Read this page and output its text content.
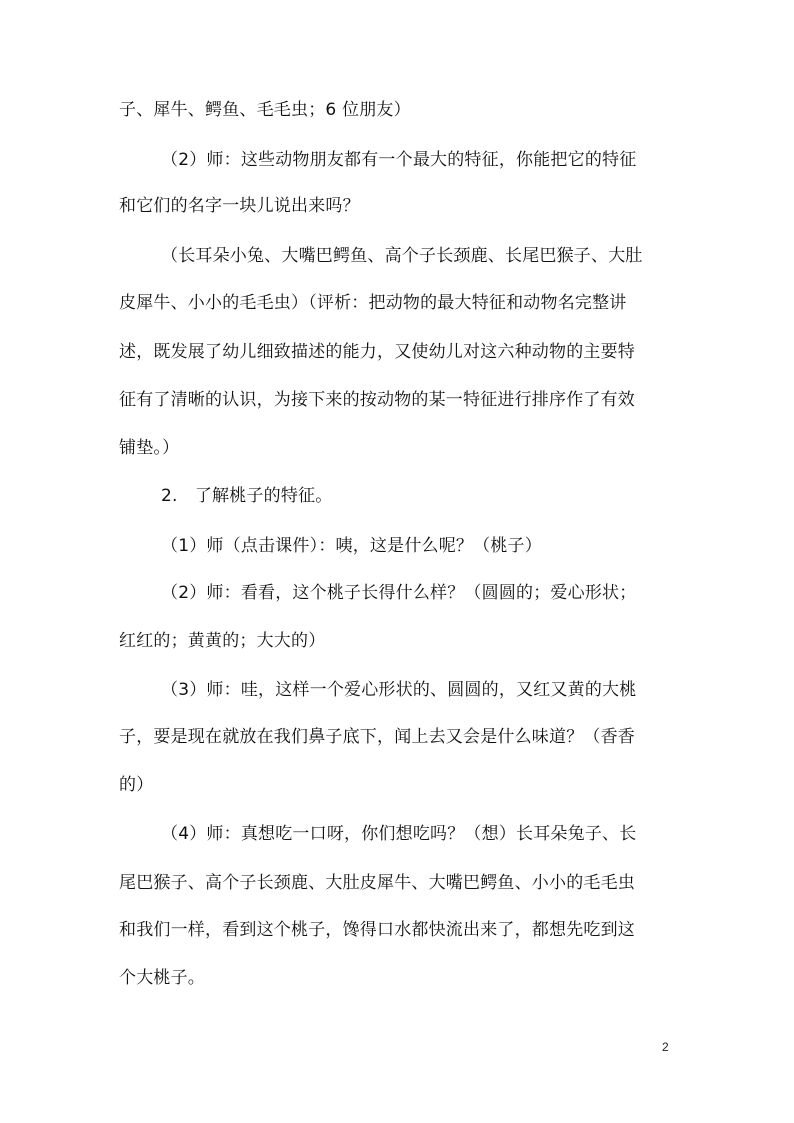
子、犀牛、鳄鱼、毛毛虫；6 位朋友）
（2）师：这些动物朋友都有一个最大的特征，你能把它的特征
和它们的名字一块儿说出来吗？
（长耳朵小兔、大嘴巴鳄鱼、高个子长颈鹿、长尾巴猴子、大肚
皮犀牛、小小的毛毛虫）（评析：把动物的最大特征和动物名完整讲
述，既发展了幼儿细致描述的能力，又使幼儿对这六种动物的主要特
征有了清晰的认识，为接下来的按动物的某一特征进行排序作了有效
铺垫。）
2.　了解桃子的特征。
（1）师（点击课件）：咦，这是什么呢？（桃子）
（2）师：看看，这个桃子长得什么样？（圆圆的；爱心形状；
红红的；黄黄的；大大的）
（3）师：哇，这样一个爱心形状的、圆圆的，又红又黄的大桃
子，要是现在就放在我们鼻子底下，闻上去又会是什么味道？（香香
的）
（4）师：真想吃一口呀，你们想吃吗？（想）长耳朵兔子、长
尾巴猴子、高个子长颈鹿、大肚皮犀牛、大嘴巴鳄鱼、小小的毛毛虫
和我们一样，看到这个桃子，馋得口水都快流出来了，都想先吃到这
个大桃子。
2
